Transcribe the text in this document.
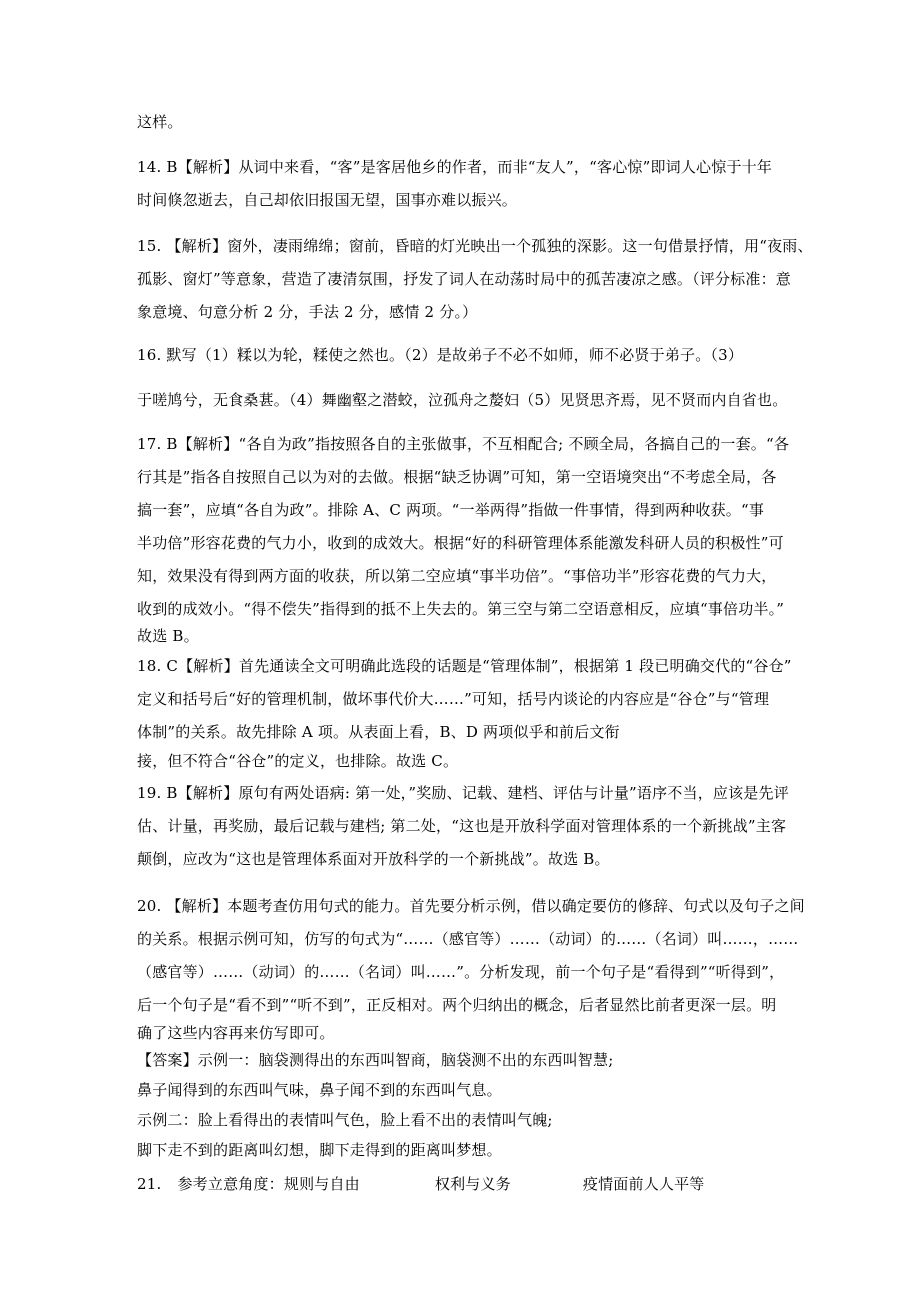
这样。
14. B【解析】从词中来看，“客”是客居他乡的作者，而非“友人”，“客心惊”即词人心惊于十年
时间倏忽逝去，自己却依旧报国无望，国事亦难以振兴。
15. 【解析】窗外，凄雨绵绵；窗前，昏暗的灯光映出一个孤独的深影。这一句借景抒情，用“夜雨、
孤影、窗灯”等意象，营造了凄清氛围，抒发了词人在动荡时局中的孤苦凄凉之感。（评分标准：意
象意境、句意分析 2 分，手法 2 分，感情 2 分。）
16. 默写（1）糅以为轮，糅使之然也。（2）是故弟子不必不如师，师不必贤于弟子。（3）
于嗟鸠兮，无食桑葚。（4）舞幽壑之潜蛟，泣孤舟之嫠妇（5）见贤思齐焉，见不贤而内自省也。
17. B【解析】“各自为政”指按照各自的主张做事，不互相配合; 不顾全局，各搞自己的一套。“各
行其是”指各自按照自己以为对的去做。根据“缺乏协调”可知，第一空语境突出“不考虑全局，各
搞一套”，应填“各自为政”。排除 A、C 两项。“一举两得”指做一件事情，得到两种收获。“事
半功倍”形容花费的气力小，收到的成效大。根据“好的科研管理体系能激发科研人员的积极性”可
知，效果没有得到两方面的收获，所以第二空应填“事半功倍”。“事倍功半”形容花费的气力大，
收到的成效小。“得不偿失”指得到的抵不上失去的。第三空与第二空语意相反，应填“事倍功半。”
故选 B。
18. C【解析】首先通读全文可明确此选段的话题是“管理体制”，根据第 1 段已明确交代的“谷仓”
定义和括号后“好的管理机制，做坏事代价大……”可知，括号内谈论的内容应是“谷仓”与“管理
体制”的关系。故先排除 A 项。从表面上看，B、D 两项似乎和前后文衔
接，但不符合“谷仓”的定义，也排除。故选 C。
19. B【解析】原句有两处语病: 第一处，”奖励、记载、建档、评估与计量”语序不当，应该是先评
估、计量，再奖励，最后记载与建档; 第二处，“这也是开放科学面对管理体系的一个新挑战”主客
颠倒，应改为“这也是管理体系面对开放科学的一个新挑战”。故选 B。
20. 【解析】本题考查仿用句式的能力。首先要分析示例，借以确定要仿的修辞、句式以及句子之间
的关系。根据示例可知，仿写的句式为“……（感官等）……（动词）的……（名词）叫……，……
（感官等）……（动词）的……（名词）叫……”。分析发现，前一个句子是“看得到”“听得到”，
后一个句子是“看不到”“听不到”，正反相对。两个归纳出的概念，后者显然比前者更深一层。明
确了这些内容再来仿写即可。
【答案】示例一：脑袋测得出的东西叫智商，脑袋测不出的东西叫智慧;
鼻子闻得到的东西叫气味，鼻子闻不到的东西叫气息。
示例二：脸上看得出的表情叫气色，脸上看不出的表情叫气魄;
脚下走不到的距离叫幻想，脚下走得到的距离叫梦想。
21. 参考立意角度：规则与自由	权利与义务	疫情面前人人平等
